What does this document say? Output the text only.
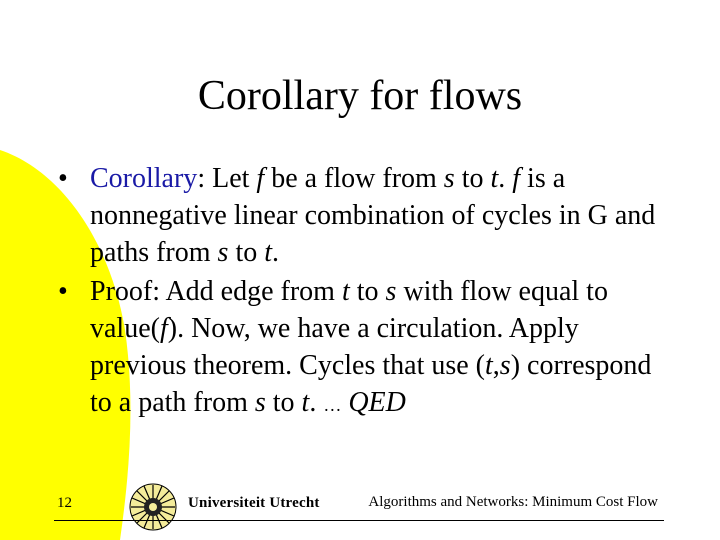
Corollary for flows
• Corollary: Let f be a flow from s to t. f is a nonnegative linear combination of cycles in G and paths from s to t.
• Proof: Add edge from t to s with flow equal to value(f). Now, we have a circulation. Apply previous theorem. Cycles that use (t,s) correspond to a path from s to t. … QED
12	Universiteit Utrecht	Algorithms and Networks: Minimum Cost Flow
